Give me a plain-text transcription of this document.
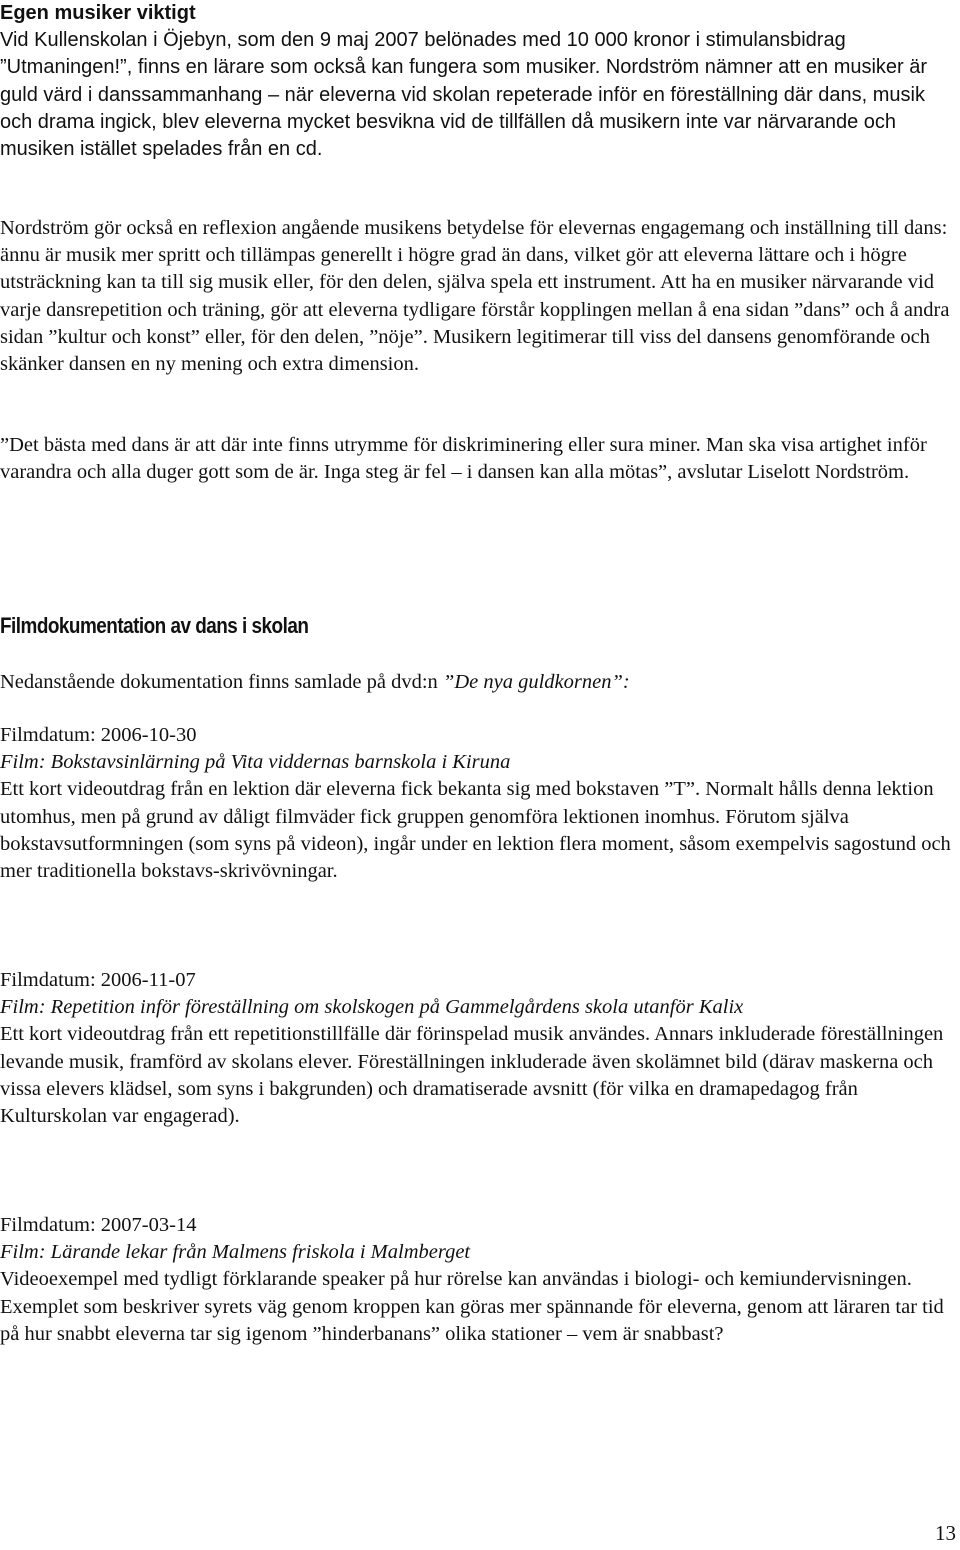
Egen musiker viktigt

Vid Kullenskolan i Öjebyn, som den 9 maj 2007 belönades med 10 000 kronor i stimulansbidrag ”Utmaningen!”, finns en lärare som också kan fungera som musiker. Nordström nämner att en musiker är guld värd i danssammanhang – när eleverna vid skolan repeterade inför en föreställning där dans, musik och drama ingick, blev eleverna mycket besvikna vid de tillfällen då musikern inte var närvarande och musiken istället spelades från en cd.

Nordström gör också en reflexion angående musikens betydelse för elevernas engagemang och inställning till dans: ännu är musik mer spritt och tillämpas generellt i högre grad än dans, vilket gör att eleverna lättare och i högre utsträckning kan ta till sig musik eller, för den delen, själva spela ett instrument. Att ha en musiker närvarande vid varje dansrepetition och träning, gör att eleverna tydligare förstår kopplingen mellan å ena sidan ”dans” och å andra sidan ”kultur och konst” eller, för den delen, ”nöje”. Musikern legitimerar till viss del dansens genomförande och skänker dansen en ny mening och extra dimension.

”Det bästa med dans är att där inte finns utrymme för diskriminering eller sura miner. Man ska visa artighet inför varandra och alla duger gott som de är. Inga steg är fel – i dansen kan alla mötas”, avslutar Liselott Nordström.

Filmdokumentation av dans i skolan

Nedanstående dokumentation finns samlade på dvd:n ”De nya guldkornen”:

Filmdatum: 2006-10-30

Film: Bokstavsinlärning på Vita viddernas barnskola i Kiruna

Ett kort videoutdrag från en lektion där eleverna fick bekanta sig med bokstaven ”T”. Normalt hålls denna lektion utomhus, men på grund av dåligt filmväder fick gruppen genomföra lektionen inomhus. Förutom själva bokstavsutformningen (som syns på videon), ingår under en lektion flera moment, såsom exempelvis sagostund och mer traditionella bokstavs-skrivövningar.

Filmdatum: 2006-11-07

Film: Repetition inför föreställning om skolskogen på Gammelgårdens skola utanför Kalix

Ett kort videoutdrag från ett repetitionstillfälle där förinspelad musik användes. Annars inkluderade föreställningen levande musik, framförd av skolans elever. Föreställningen inkluderade även skolämnet bild (därav maskerna och vissa elevers klädsel, som syns i bakgrunden) och dramatiserade avsnitt (för vilka en dramapedagog från Kulturskolan var engagerad).

Filmdatum: 2007-03-14

Film: Lärande lekar från Malmens friskola i Malmberget

Videoexempel med tydligt förklarande speaker på hur rörelse kan användas i biologi- och kemiundervisningen. Exemplet som beskriver syrets väg genom kroppen kan göras mer spännande för eleverna, genom att läraren tar tid på hur snabbt eleverna tar sig igenom ”hinderbanans” olika stationer – vem är snabbast?

13
